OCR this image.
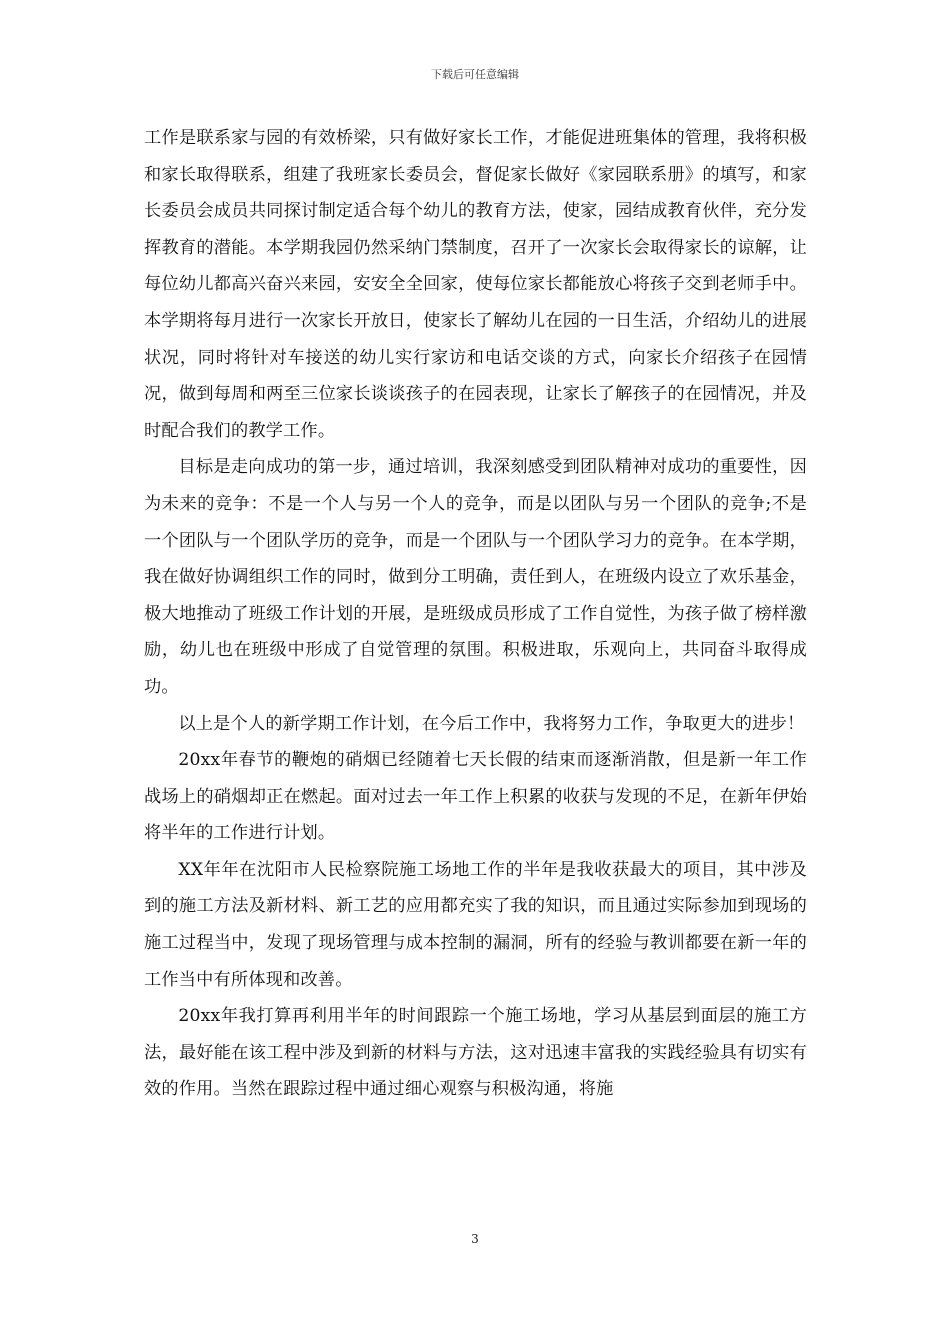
下载后可任意编辑

工作是联系家与园的有效桥梁，只有做好家长工作，才能促进班集体的管理，我将积极和家长取得联系，组建了我班家长委员会，督促家长做好《家园联系册》的填写，和家长委员会成员共同探讨制定适合每个幼儿的教育方法，使家，园结成教育伙伴，充分发挥教育的潜能。本学期我园仍然采纳门禁制度，召开了一次家长会取得家长的谅解，让每位幼儿都高兴奋兴来园，安安全全回家，使每位家长都能放心将孩子交到老师手中。本学期将每月进行一次家长开放日，使家长了解幼儿在园的一日生活，介绍幼儿的进展状况，同时将针对车接送的幼儿实行家访和电话交谈的方式，向家长介绍孩子在园情况，做到每周和两至三位家长谈谈孩子的在园表现，让家长了解孩子的在园情况，并及时配合我们的教学工作。

目标是走向成功的第一步，通过培训，我深刻感受到团队精神对成功的重要性，因为未来的竞争：不是一个人与另一个人的竞争，而是以团队与另一个团队的竞争;不是一个团队与一个团队学历的竞争，而是一个团队与一个团队学习力的竞争。在本学期，我在做好协调组织工作的同时，做到分工明确，责任到人，在班级内设立了欢乐基金，极大地推动了班级工作计划的开展，是班级成员形成了工作自觉性，为孩子做了榜样激励，幼儿也在班级中形成了自觉管理的氛围。积极进取，乐观向上，共同奋斗取得成功。

以上是个人的新学期工作计划，在今后工作中，我将努力工作，争取更大的进步！

20xx年春节的鞭炮的硝烟已经随着七天长假的结束而逐渐消散，但是新一年工作战场上的硝烟却正在燃起。面对过去一年工作上积累的收获与发现的不足，在新年伊始将半年的工作进行计划。

XX年年在沈阳市人民检察院施工场地工作的半年是我收获最大的项目，其中涉及到的施工方法及新材料、新工艺的应用都充实了我的知识，而且通过实际参加到现场的施工过程当中，发现了现场管理与成本控制的漏洞，所有的经验与教训都要在新一年的工作当中有所体现和改善。

20xx年我打算再利用半年的时间跟踪一个施工场地，学习从基层到面层的施工方法，最好能在该工程中涉及到新的材料与方法，这对迅速丰富我的实践经验具有切实有效的作用。当然在跟踪过程中通过细心观察与积极沟通，将施

3
